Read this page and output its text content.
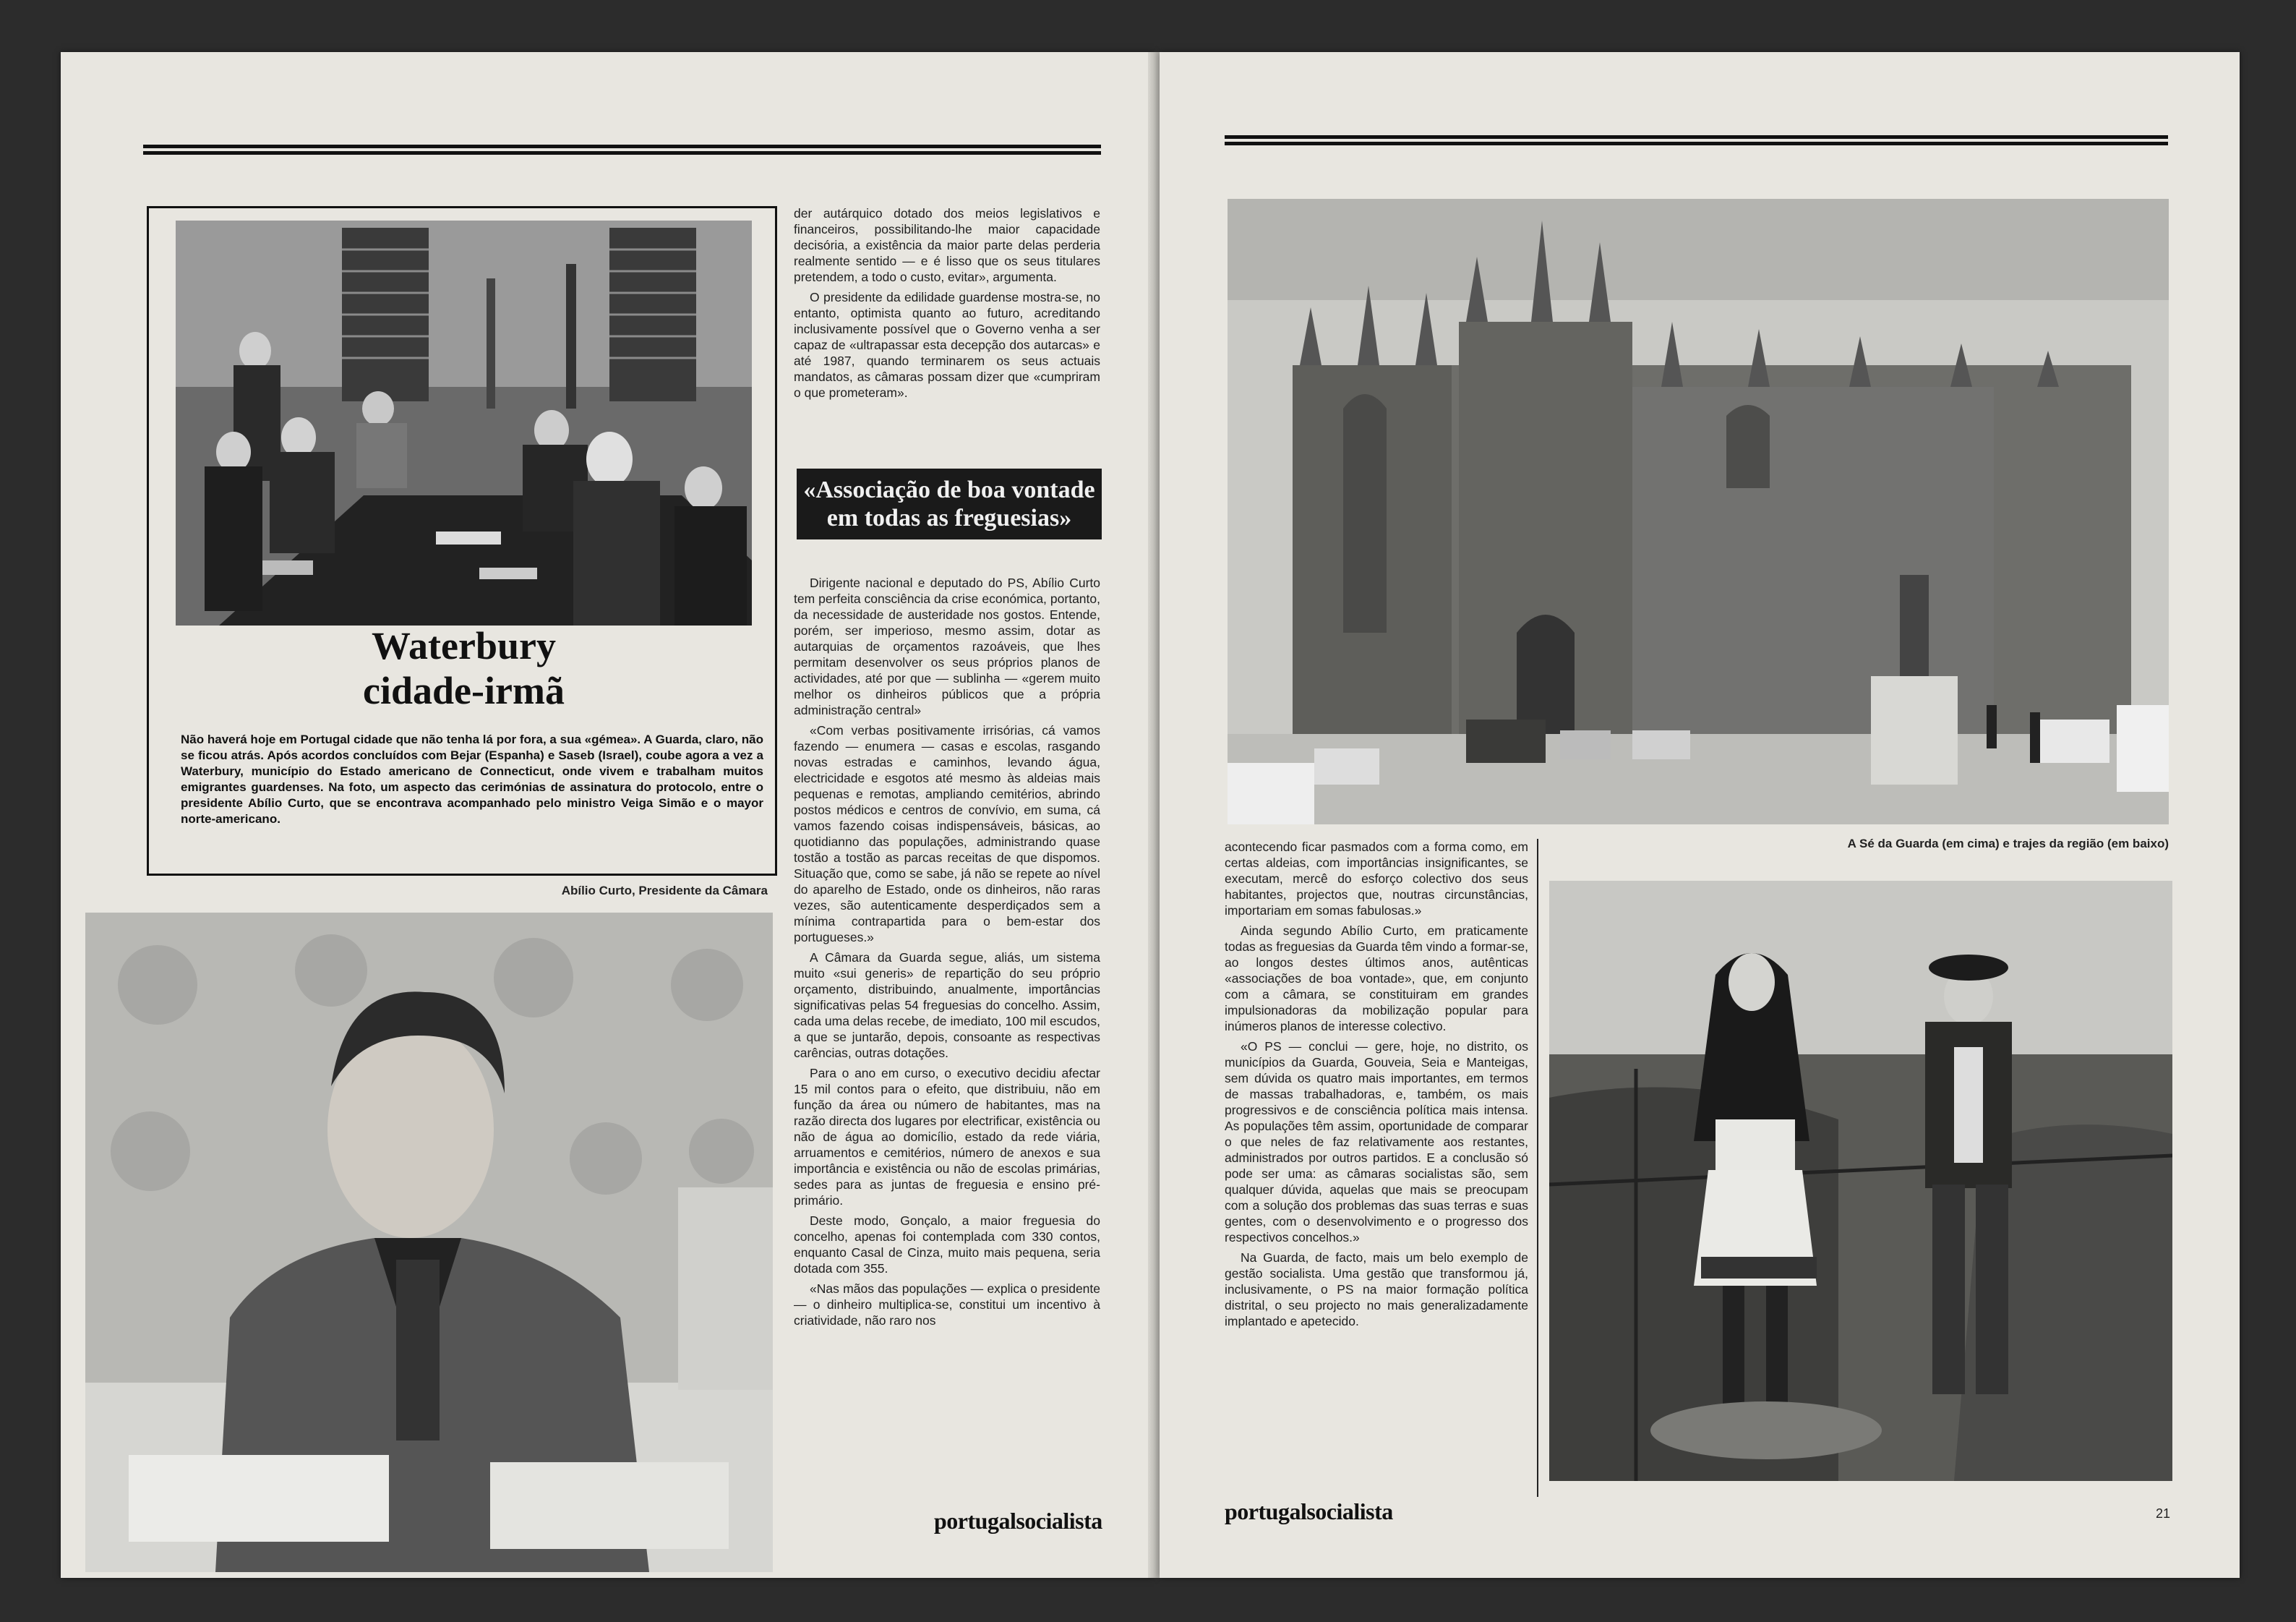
Waterbury
cidade-irmã
Não haverá hoje em Portugal cidade que não tenha lá por fora, a sua «gémea». A Guarda, claro, não se ficou atrás. Após acordos concluídos com Bejar (Espanha) e Saseb (Israel), coube agora a vez a Waterbury, município do Estado americano de Connecticut, onde vivem e trabalham muitos emigrantes guardenses. Na foto, um aspecto das cerimónias de assinatura do protocolo, entre o presidente Abílio Curto, que se encontrava acompanhado pelo ministro Veiga Simão e o mayor norte-americano.
Abílio Curto, Presidente da Câmara

der autárquico dotado dos meios legislativos e financeiros, possibilitando-lhe maior capacidade decisória, a existência da maior parte delas perderia realmente sentido — e é lisso que os seus titulares pretendem, a todo o custo, evitar», argumenta.

O presidente da edilidade guardense mostra-se, no entanto, optimista quanto ao futuro, acreditando inclusivamente possível que o Governo venha a ser capaz de «ultrapassar esta decepção dos autarcas» e até 1987, quando terminarem os seus actuais mandatos, as câmaras possam dizer que «cumpriram o que prometeram».

«Associação de boa vontade em todas as freguesias»

Dirigente nacional e deputado do PS, Abílio Curto tem perfeita consciência da crise económica, portanto, da necessidade de austeridade nos gostos. Entende, porém, ser imperioso, mesmo assim, dotar as autarquias de orçamentos razoáveis, que lhes permitam desenvolver os seus próprios planos de actividades, até por que — sublinha — «gerem muito melhor os dinheiros públicos que a própria administração central»

«Com verbas positivamente irrisórias, cá vamos fazendo — enumera — casas e escolas, rasgando novas estradas e caminhos, levando água, electricidade e esgotos até mesmo às aldeias mais pequenas e remotas, ampliando cemitérios, abrindo postos médicos e centros de convívio, em suma, cá vamos fazendo coisas indispensáveis, básicas, ao quotidianno das populações, administrando quase tostão a tostão as parcas receitas de que dispomos. Situação que, como se sabe, já não se repete ao nível do aparelho de Estado, onde os dinheiros, não raras vezes, são autenticamente desperdiçados sem a mínima contrapartida para o bem-estar dos portugueses.»

A Câmara da Guarda segue, aliás, um sistema muito «sui generis» de repartição do seu próprio orçamento, distribuindo, anualmente, importâncias significativas pelas 54 freguesias do concelho. Assim, cada uma delas recebe, de imediato, 100 mil escudos, a que se juntarão, depois, consoante as respectivas carências, outras dotações.

Para o ano em curso, o executivo decidiu afectar 15 mil contos para o efeito, que distribuiu, não em função da área ou número de habitantes, mas na razão directa dos lugares por electrificar, existência ou não de água ao domicílio, estado da rede viária, arruamentos e cemitérios, número de anexos e sua importância e existência ou não de escolas primárias, sedes para as juntas de freguesia e ensino pré-primário.

Deste modo, Gonçalo, a maior freguesia do concelho, apenas foi contemplada com 330 contos, enquanto Casal de Cinza, muito mais pequena, seria dotada com 355.

«Nas mãos das populações — explica o presidente — o dinheiro multiplica-se, constitui um incentivo à criatividade, não raro nos

portugalsocialista
A Sé da Guarda (em cima) e trajes da região (em baixo)

acontecendo ficar pasmados com a forma como, em certas aldeias, com importâncias insignificantes, se executam, mercê do esforço colectivo dos seus habitantes, projectos que, noutras circunstâncias, importariam em somas fabulosas.»

Ainda segundo Abílio Curto, em praticamente todas as freguesias da Guarda têm vindo a formar-se, ao longos destes últimos anos, autênticas «associações de boa vontade», que, em conjunto com a câmara, se constituiram em grandes impulsionadoras da mobilização popular para inúmeros planos de interesse colectivo.

«O PS — conclui — gere, hoje, no distrito, os municípios da Guarda, Gouveia, Seia e Manteigas, sem dúvida os quatro mais importantes, em termos de massas trabalhadoras, e, também, os mais progressivos e de consciência política mais intensa. As populações têm assim, oportunidade de comparar o que neles de faz relativamente aos restantes, administrados por outros partidos. E a conclusão só pode ser uma: as câmaras socialistas são, sem qualquer dúvida, aquelas que mais se preocupam com a solução dos problemas das suas terras e suas gentes, com o desenvolvimento e o progresso dos respectivos concelhos.»

Na Guarda, de facto, mais um belo exemplo de gestão socialista. Uma gestão que transformou já, inclusivamente, o PS na maior formação política distrital, o seu projecto no mais generalizadamente implantado e apetecido.

portugalsocialista	21
